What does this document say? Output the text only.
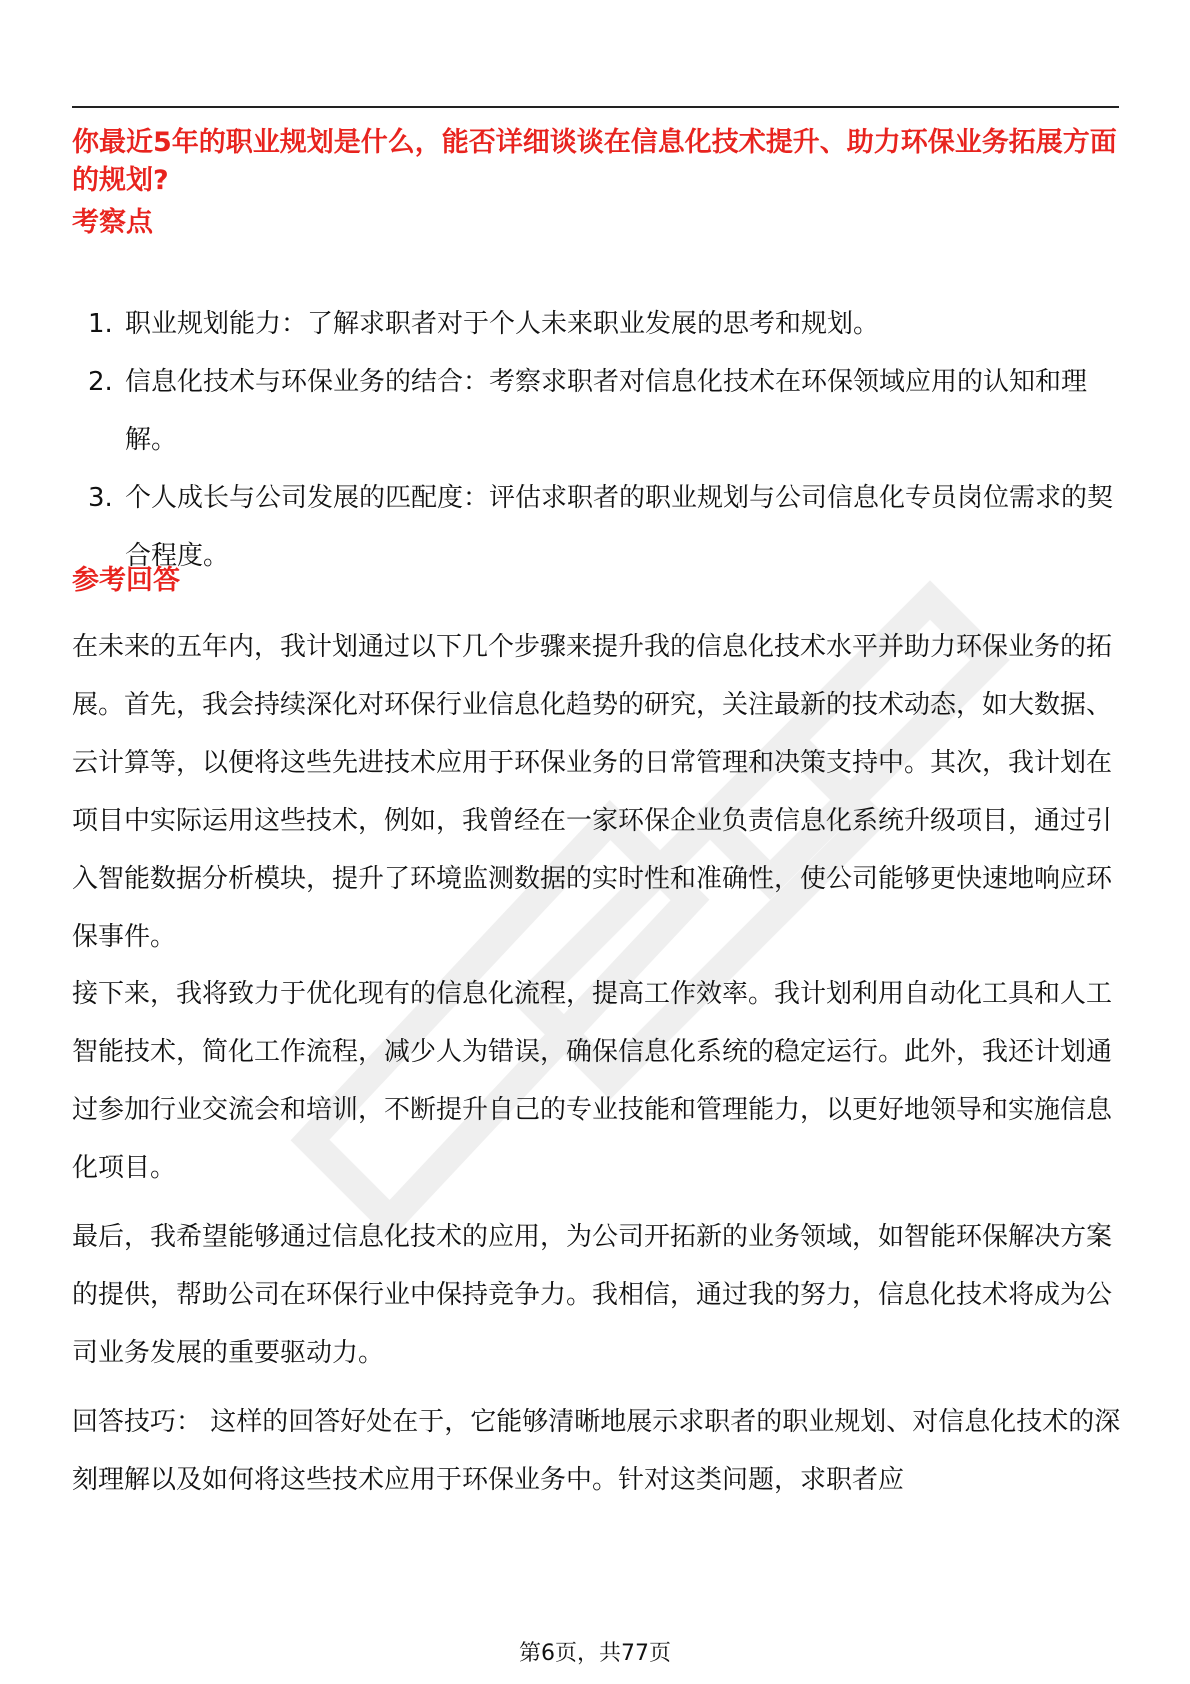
你最近5年的职业规划是什么，能否详细谈谈在信息化技术提升、助力环保业务拓展方面的规划?
考察点
1. 职业规划能力：了解求职者对于个人未来职业发展的思考和规划。
2. 信息化技术与环保业务的结合：考察求职者对信息化技术在环保领域应用的认知和理解。
3. 个人成长与公司发展的匹配度：评估求职者的职业规划与公司信息化专员岗位需求的契合程度。
参考回答

在未来的五年内，我计划通过以下几个步骤来提升我的信息化技术水平并助力环保业务的拓展。首先，我会持续深化对环保行业信息化趋势的研究，关注最新的技术动态，如大数据、云计算等，以便将这些先进技术应用于环保业务的日常管理和决策支持中。其次，我计划在项目中实际运用这些技术，例如，我曾经在一家环保企业负责信息化系统升级项目，通过引入智能数据分析模块，提升了环境监测数据的实时性和准确性，使公司能够更快速地响应环保事件。

接下来，我将致力于优化现有的信息化流程，提高工作效率。我计划利用自动化工具和人工智能技术，简化工作流程，减少人为错误，确保信息化系统的稳定运行。此外，我还计划通过参加行业交流会和培训，不断提升自己的专业技能和管理能力，以更好地领导和实施信息化项目。

最后，我希望能够通过信息化技术的应用，为公司开拓新的业务领域，如智能环保解决方案的提供，帮助公司在环保行业中保持竞争力。我相信，通过我的努力，信息化技术将成为公司业务发展的重要驱动力。

回答技巧： 这样的回答好处在于，它能够清晰地展示求职者的职业规划、对信息化技术的深刻理解以及如何将这些技术应用于环保业务中。针对这类问题，求职者应

第6页，共77页
